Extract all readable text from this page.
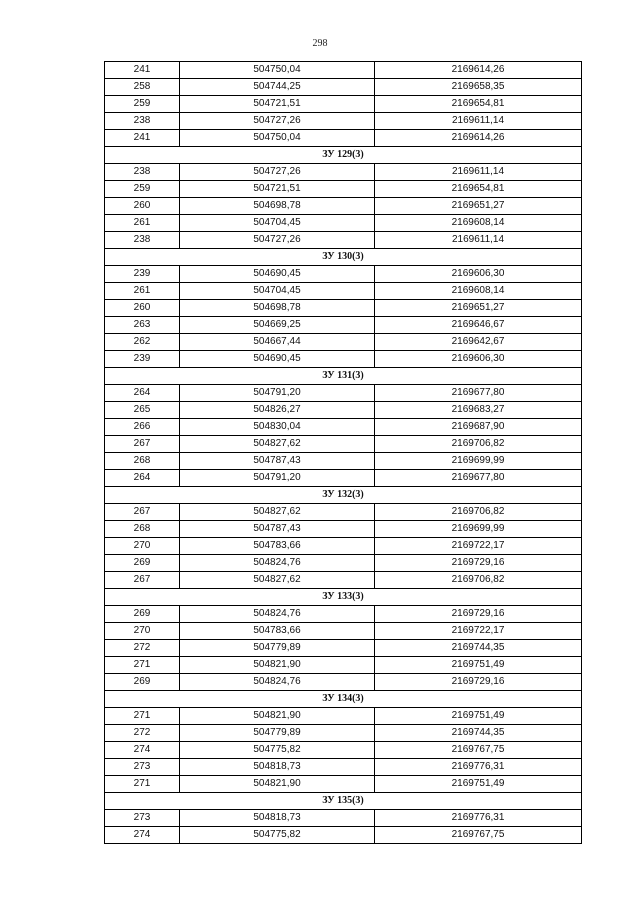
298
241	504750,04	2169614,26
258	504744,25	2169658,35
259	504721,51	2169654,81
238	504727,26	2169611,14
241	504750,04	2169614,26
ЗУ 129(3)		
238	504727,26	2169611,14
259	504721,51	2169654,81
260	504698,78	2169651,27
261	504704,45	2169608,14
238	504727,26	2169611,14
ЗУ 130(3)		
239	504690,45	2169606,30
261	504704,45	2169608,14
260	504698,78	2169651,27
263	504669,25	2169646,67
262	504667,44	2169642,67
239	504690,45	2169606,30
ЗУ 131(3)		
264	504791,20	2169677,80
265	504826,27	2169683,27
266	504830,04	2169687,90
267	504827,62	2169706,82
268	504787,43	2169699,99
264	504791,20	2169677,80
ЗУ 132(3)		
267	504827,62	2169706,82
268	504787,43	2169699,99
270	504783,66	2169722,17
269	504824,76	2169729,16
267	504827,62	2169706,82
ЗУ 133(3)		
269	504824,76	2169729,16
270	504783,66	2169722,17
272	504779,89	2169744,35
271	504821,90	2169751,49
269	504824,76	2169729,16
ЗУ 134(3)		
271	504821,90	2169751,49
272	504779,89	2169744,35
274	504775,82	2169767,75
273	504818,73	2169776,31
271	504821,90	2169751,49
ЗУ 135(3)		
273	504818,73	2169776,31
274	504775,82	2169767,75
